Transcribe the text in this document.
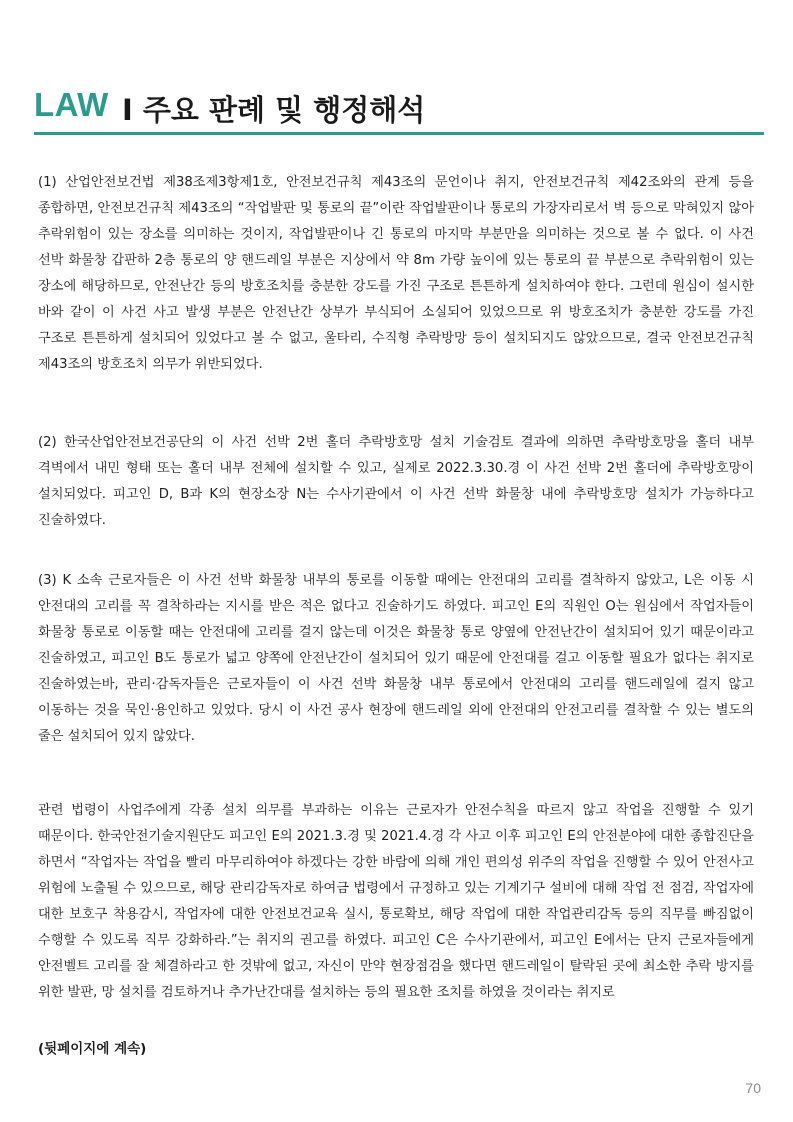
LAW I 주요 판례 및 행정해석

(1) 산업안전보건법 제38조제3항제1호, 안전보건규칙 제43조의 문언이나 취지, 안전보건규칙 제42조와의 관계 등을 종합하면, 안전보건규칙 제43조의 “작업발판 및 통로의 끝”이란 작업발판이나 통로의 가장자리로서 벽 등으로 막혀있지 않아 추락위험이 있는 장소를 의미하는 것이지, 작업발판이나 긴 통로의 마지막 부분만을 의미하는 것으로 볼 수 없다. 이 사건 선박 화물창 갑판하 2층 통로의 양 핸드레일 부분은 지상에서 약 8m 가량 높이에 있는 통로의 끝 부분으로 추락위험이 있는 장소에 해당하므로, 안전난간 등의 방호조치를 충분한 강도를 가진 구조로 튼튼하게 설치하여야 한다. 그런데 원심이 설시한 바와 같이 이 사건 사고 발생 부분은 안전난간 상부가 부식되어 소실되어 있었으므로 위 방호조치가 충분한 강도를 가진 구조로 튼튼하게 설치되어 있었다고 볼 수 없고, 울타리, 수직형 추락방망 등이 설치되지도 않았으므로, 결국 안전보건규칙 제43조의 방호조치 의무가 위반되었다.

(2) 한국산업안전보건공단의 이 사건 선박 2번 홀더 추락방호망 설치 기술검토 결과에 의하면 추락방호망을 홀더 내부 격벽에서 내민 형태 또는 홀더 내부 전체에 설치할 수 있고, 실제로 2022.3.30.경 이 사건 선박 2번 홀더에 추락방호망이 설치되었다. 피고인 D, B과 K의 현장소장 N는 수사기관에서 이 사건 선박 화물창 내에 추락방호망 설치가 가능하다고 진술하였다.

(3) K 소속 근로자들은 이 사건 선박 화물창 내부의 통로를 이동할 때에는 안전대의 고리를 결착하지 않았고, L은 이동 시 안전대의 고리를 꼭 결착하라는 지시를 받은 적은 없다고 진술하기도 하였다. 피고인 E의 직원인 O는 원심에서 작업자들이 화물창 통로로 이동할 때는 안전대에 고리를 걸지 않는데 이것은 화물창 통로 양옆에 안전난간이 설치되어 있기 때문이라고 진술하였고, 피고인 B도 통로가 넓고 양쪽에 안전난간이 설치되어 있기 때문에 안전대를 걸고 이동할 필요가 없다는 취지로 진술하였는바, 관리·감독자들은 근로자들이 이 사건 선박 화물창 내부 통로에서 안전대의 고리를 핸드레일에 걸지 않고 이동하는 것을 묵인·용인하고 있었다. 당시 이 사건 공사 현장에 핸드레일 외에 안전대의 안전고리를 결착할 수 있는 별도의 줄은 설치되어 있지 않았다.

관련 법령이 사업주에게 각종 설치 의무를 부과하는 이유는 근로자가 안전수칙을 따르지 않고 작업을 진행할 수 있기 때문이다. 한국안전기술지원단도 피고인 E의 2021.3.경 및 2021.4.경 각 사고 이후 피고인 E의 안전분야에 대한 종합진단을 하면서 “작업자는 작업을 빨리 마무리하여야 하겠다는 강한 바람에 의해 개인 편의성 위주의 작업을 진행할 수 있어 안전사고 위험에 노출될 수 있으므로, 해당 관리감독자로 하여금 법령에서 규정하고 있는 기계기구 설비에 대해 작업 전 점검, 작업자에 대한 보호구 착용감시, 작업자에 대한 안전보건교육 실시, 통로확보, 해당 작업에 대한 작업관리감독 등의 직무를 빠짐없이 수행할 수 있도록 직무 강화하라.”는 취지의 권고를 하였다. 피고인 C은 수사기관에서, 피고인 E에서는 단지 근로자들에게 안전벨트 고리를 잘 체결하라고 한 것밖에 없고, 자신이 만약 현장점검을 했다면 핸드레일이 탈락된 곳에 최소한 추락 방지를 위한 발판, 망 설치를 검토하거나 추가난간대를 설치하는 등의 필요한 조치를 하였을 것이라는 취지로

(뒷페이지에 계속)
70
